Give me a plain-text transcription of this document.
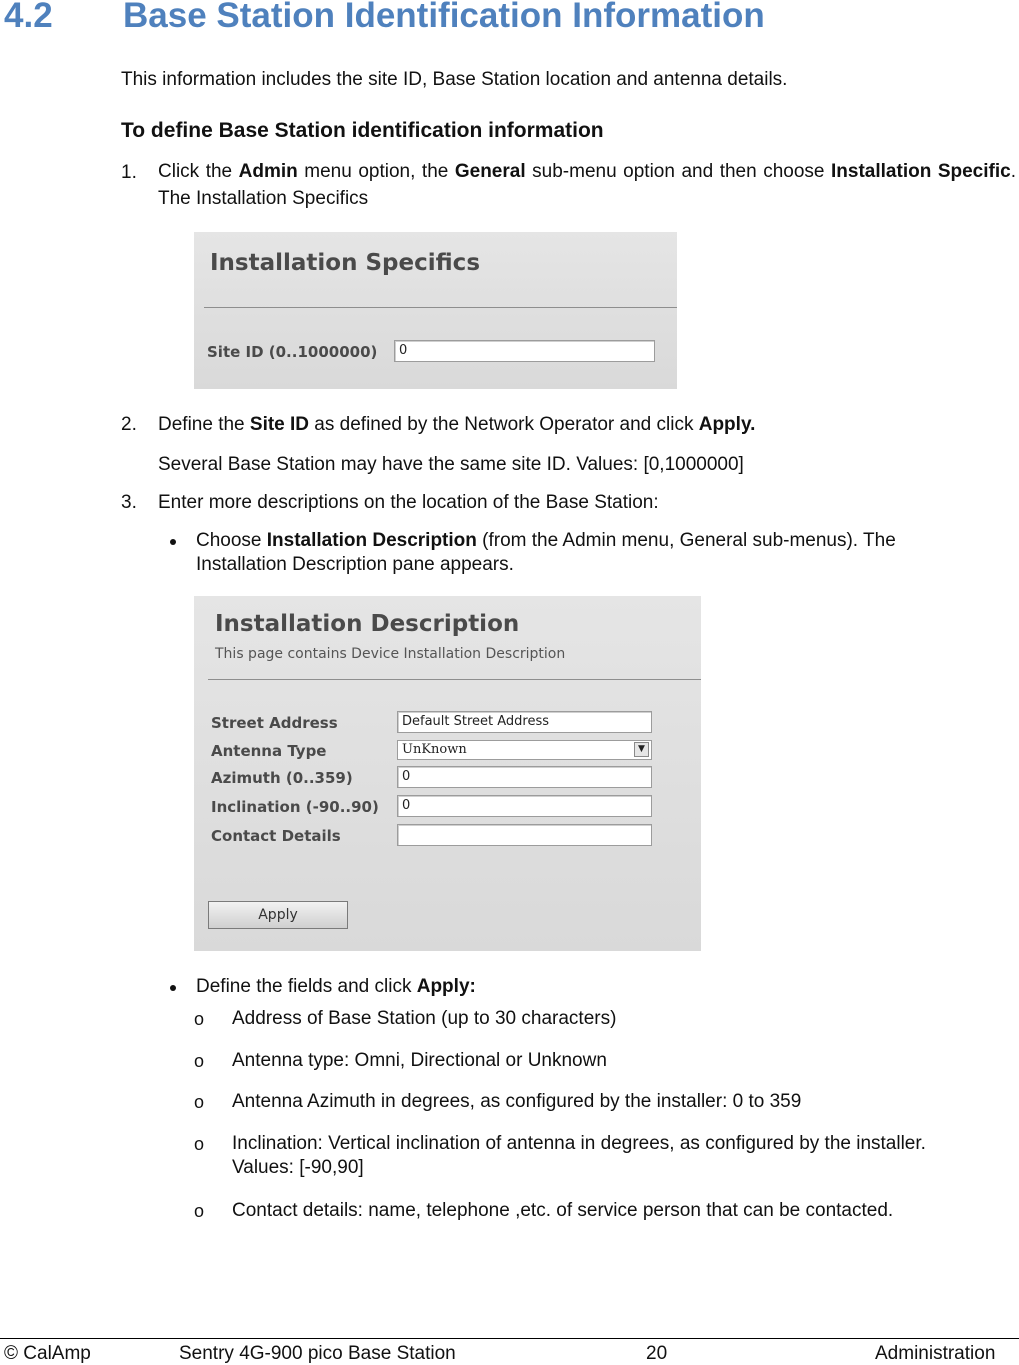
4.2 Base Station Identification Information
This information includes the site ID, Base Station location and antenna details.
To define Base Station identification information
1. Click the Admin menu option, the General sub-menu option and then choose Installation Specific. The Installation Specifics
Installation Specifics
Site ID (0..1000000)	0
2. Define the Site ID as defined by the Network Operator and click Apply.
Several Base Station may have the same site ID. Values: [0,1000000]
3. Enter more descriptions on the location of the Base Station:
Choose Installation Description (from the Admin menu, General sub-menus). The
Installation Description pane appears.
Installation Description
This page contains Device Installation Description
Street Address	Default Street Address
Antenna Type	UnKnown	▼
Azimuth (0..359)	0
Inclination (-90..90)	0
Contact Details
Apply
Define the fields and click Apply:
o Address of Base Station (up to 30 characters)
o Antenna type: Omni, Directional or Unknown
o Antenna Azimuth in degrees, as configured by the installer: 0 to 359
o Inclination: Vertical inclination of antenna in degrees, as configured by the installer.
Values: [-90,90]
o Contact details: name, telephone ,etc. of service person that can be contacted.
© CalAmp	Sentry 4G-900 pico Base Station	20	Administration
